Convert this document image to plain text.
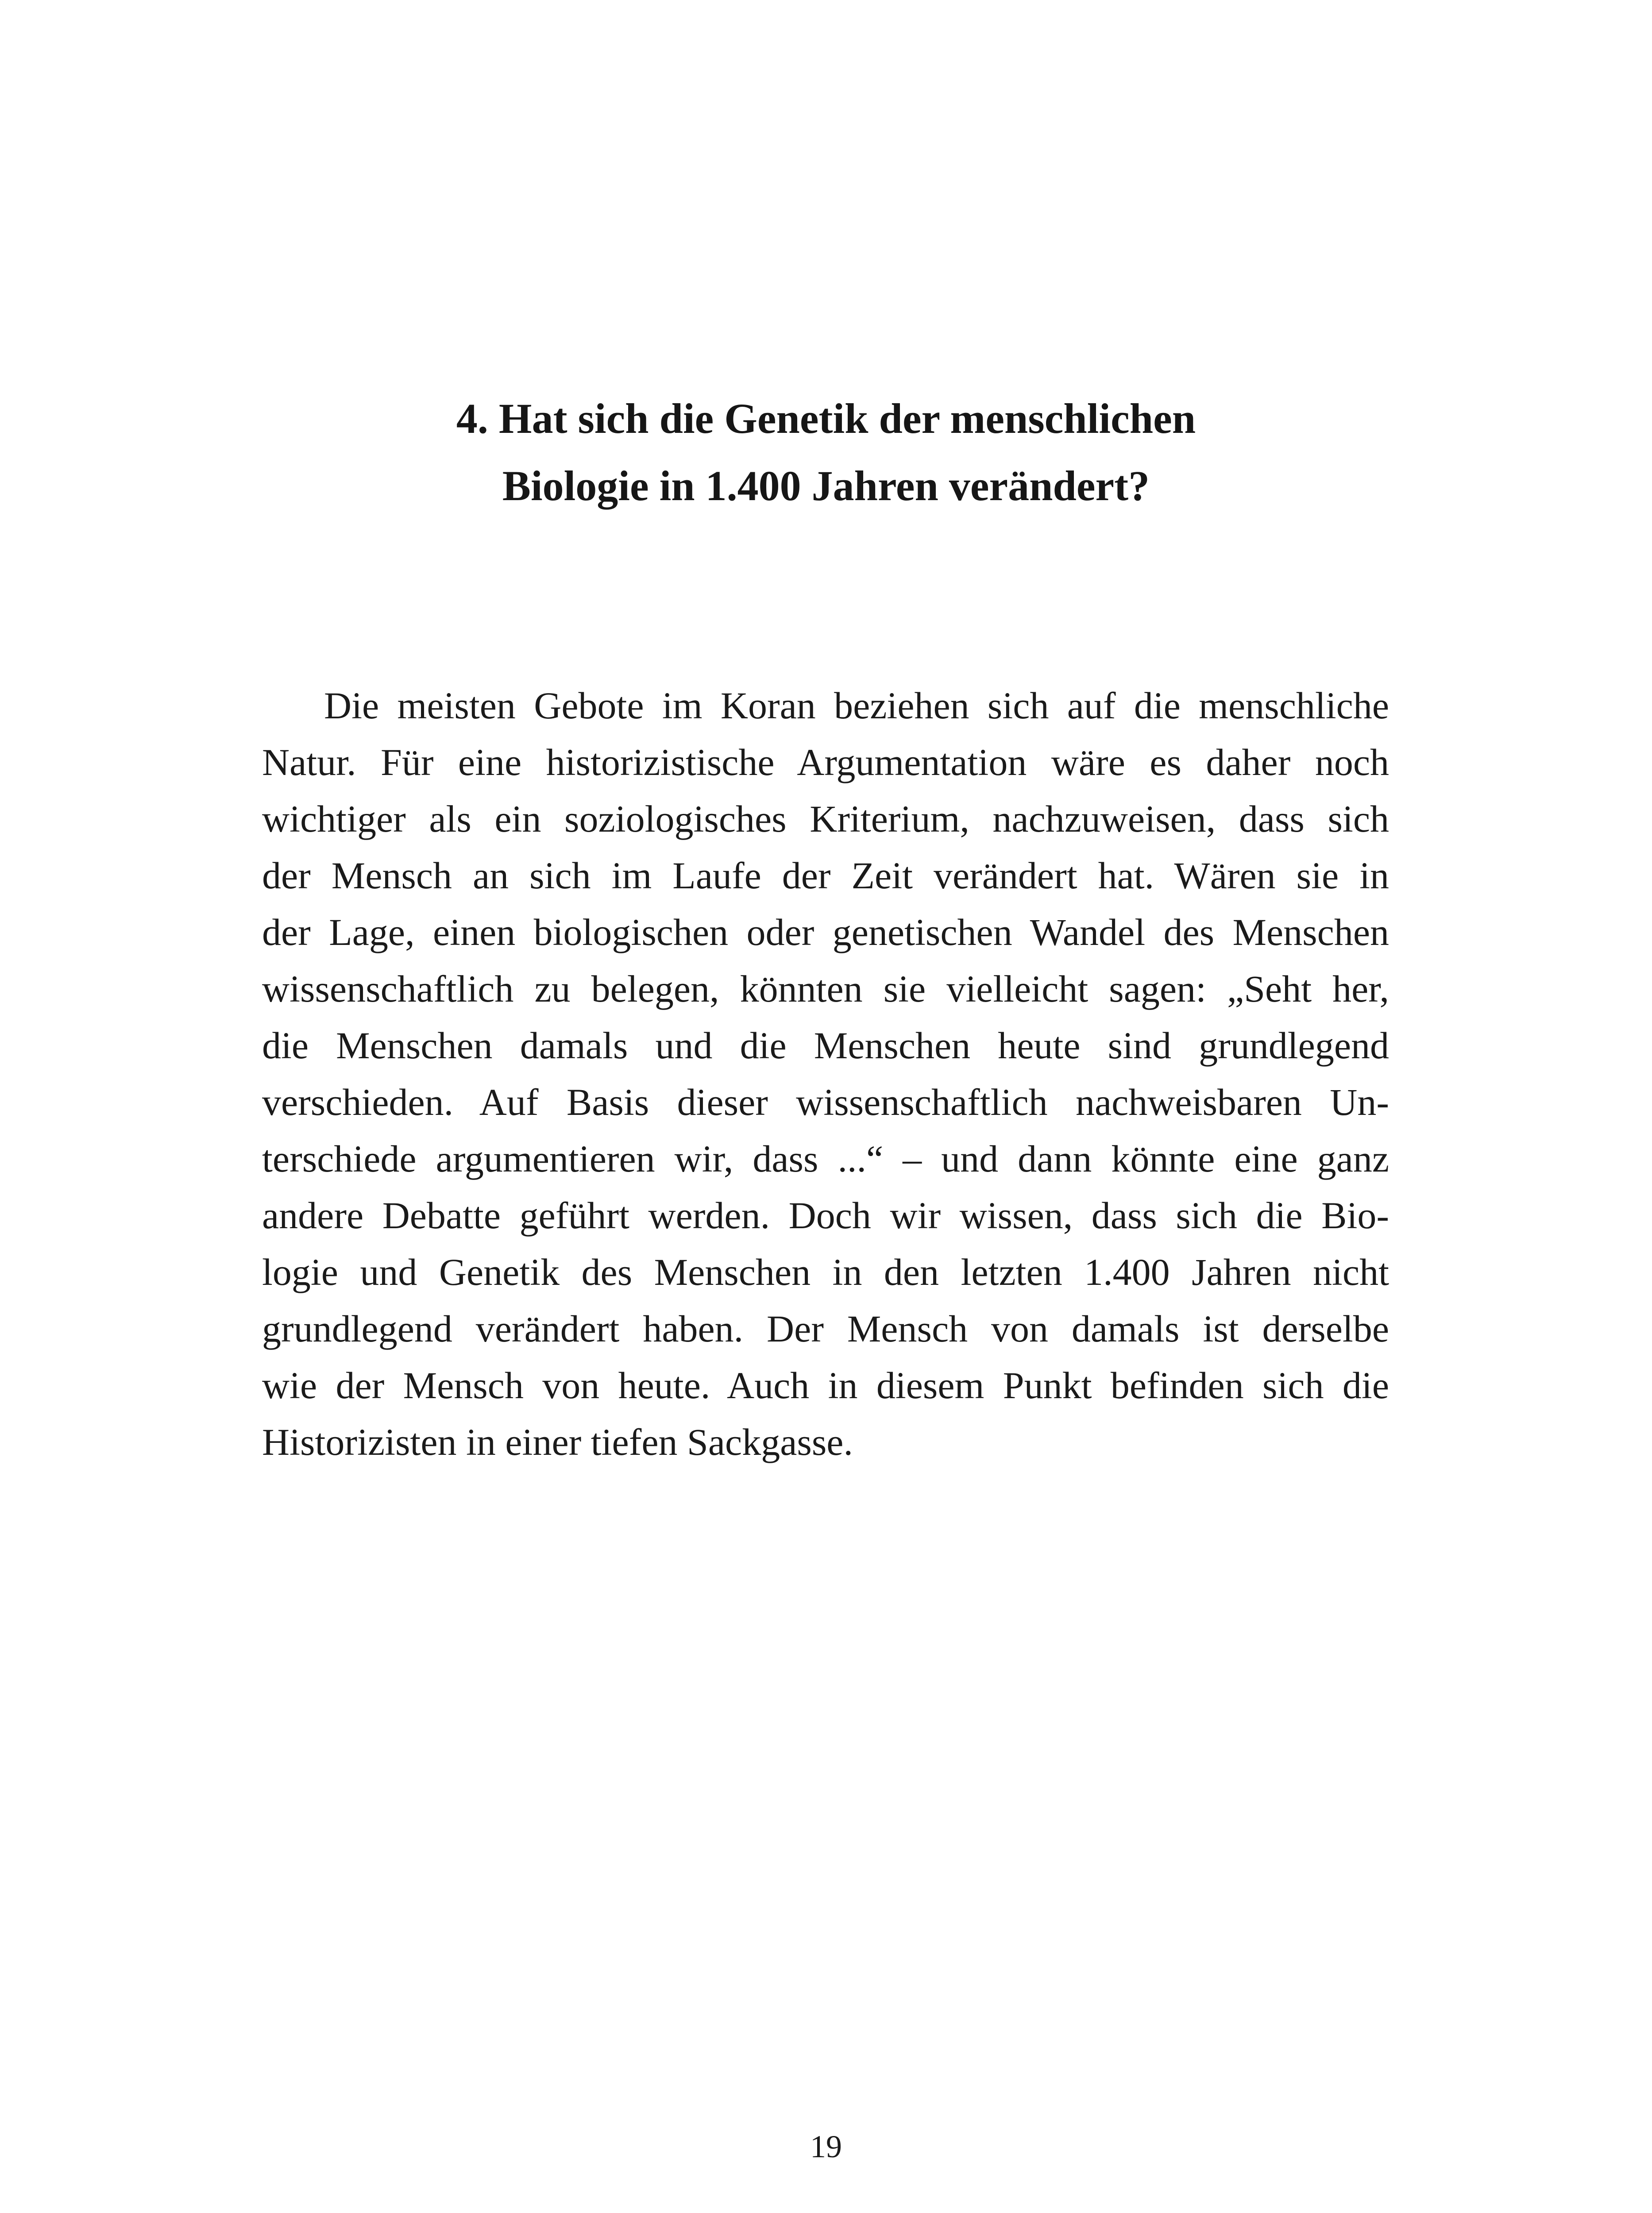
4. Hat sich die Genetik der menschlichen
Biologie in 1.400 Jahren verändert?
Die meisten Gebote im Koran beziehen sich auf die menschliche
Natur. Für eine historizistische Argumentation wäre es daher noch
wichtiger als ein soziologisches Kriterium, nachzuweisen, dass sich
der Mensch an sich im Laufe der Zeit verändert hat. Wären sie in
der Lage, einen biologischen oder genetischen Wandel des Menschen
wissenschaftlich zu belegen, könnten sie vielleicht sagen: „Seht her,
die Menschen damals und die Menschen heute sind grundlegend
verschieden. Auf Basis dieser wissenschaftlich nachweisbaren Un-
terschiede argumentieren wir, dass ...“ – und dann könnte eine ganz
andere Debatte geführt werden. Doch wir wissen, dass sich die Bio-
logie und Genetik des Menschen in den letzten 1.400 Jahren nicht
grundlegend verändert haben. Der Mensch von damals ist derselbe
wie der Mensch von heute. Auch in diesem Punkt befinden sich die
Historizisten in einer tiefen Sackgasse.
19
